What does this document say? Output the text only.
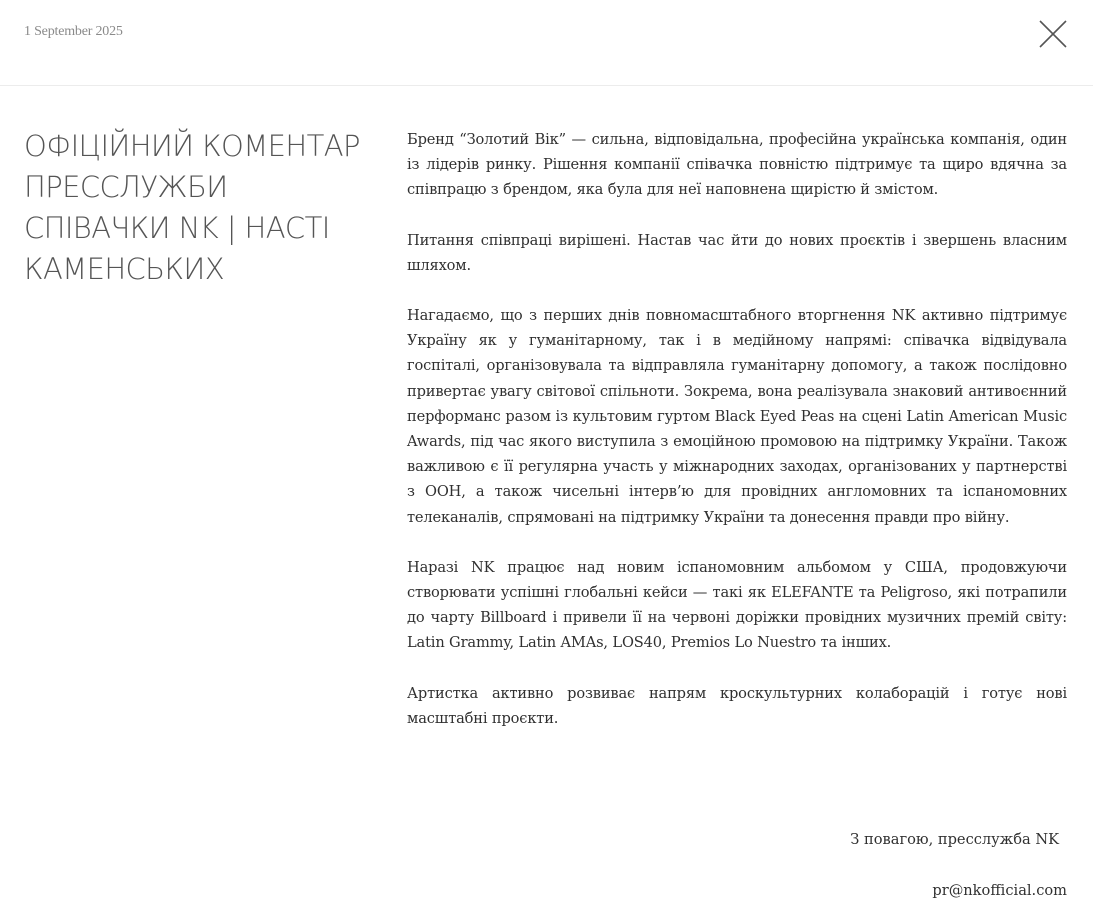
1 September 2025
ОФІЦІЙНИЙ КОМЕНТАР ПРЕССЛУЖБИ СПІВАЧКИ NK | НАСТІ КАМЕНСЬКИХ

Бренд “Золотий Вік” — сильна, відповідальна, професійна українська компанія, один із лідерів ринку. Рішення компанії співачка повністю підтримує та щиро вдячна за співпрацю з брендом, яка була для неї наповнена щирістю й змістом.

Питання співпраці вирішені. Настав час йти до нових проєктів і звершень власним шляхом.

Нагадаємо, що з перших днів повномасштабного вторгнення NK активно підтримує Україну як у гуманітарному, так і в медійному напрямі: співачка відвідувала госпіталі, організовувала та відправляла гуманітарну допомогу, а також послідовно привертає увагу світової спільноти. Зокрема, вона реалізувала знаковий антивоєнний перформанс разом із культовим гуртом Black Eyed Peas на сцені Latin American Music Awards, під час якого виступила з емоційною промовою на підтримку України. Також важливою є її регулярна участь у міжнародних заходах, організованих у партнерстві з ООН, а також чисельні інтерв’ю для провідних англомовних та іспаномовних телеканалів, спрямовані на підтримку України та донесення правди про війну.

Наразі NK працює над новим іспаномовним альбомом у США, продовжуючи створювати успішні глобальні кейси — такі як ELEFANTE та Peligroso, які потрапили до чарту Billboard і привели її на червоні доріжки провідних музичних премій світу: Latin Grammy, Latin AMAs, LOS40, Premios Lo Nuestro та інших.

Артистка активно розвиває напрям кроскультурних колаборацій і готує нові масштабні проєкти.

З повагою, пресслужба NK
pr@nkofficial.com
